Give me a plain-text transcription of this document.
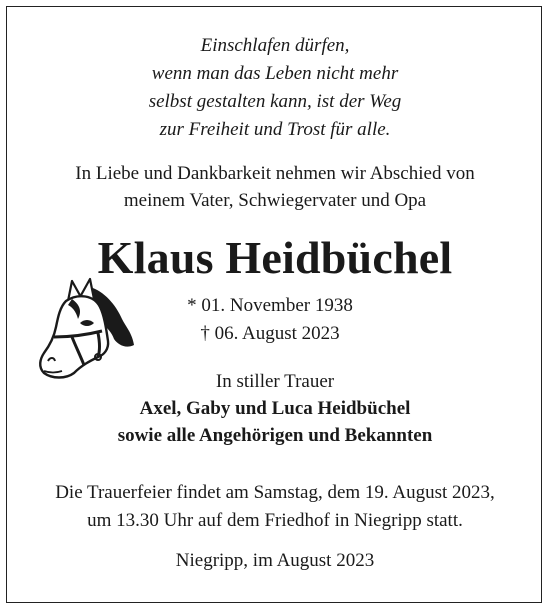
Einschlafen dürfen,
wenn man das Leben nicht mehr
selbst gestalten kann, ist der Weg
zur Freiheit und Trost für alle.
In Liebe und Dankbarkeit nehmen wir Abschied von
meinem Vater, Schwiegervater und Opa
Klaus Heidbüchel
* 01. November 1938
† 06. August 2023
In stiller Trauer
Axel, Gaby und Luca Heidbüchel
sowie alle Angehörigen und Bekannten
Die Trauerfeier findet am Samstag, dem 19. August 2023,
um 13.30 Uhr auf dem Friedhof in Niegripp statt.
Niegripp, im August 2023
